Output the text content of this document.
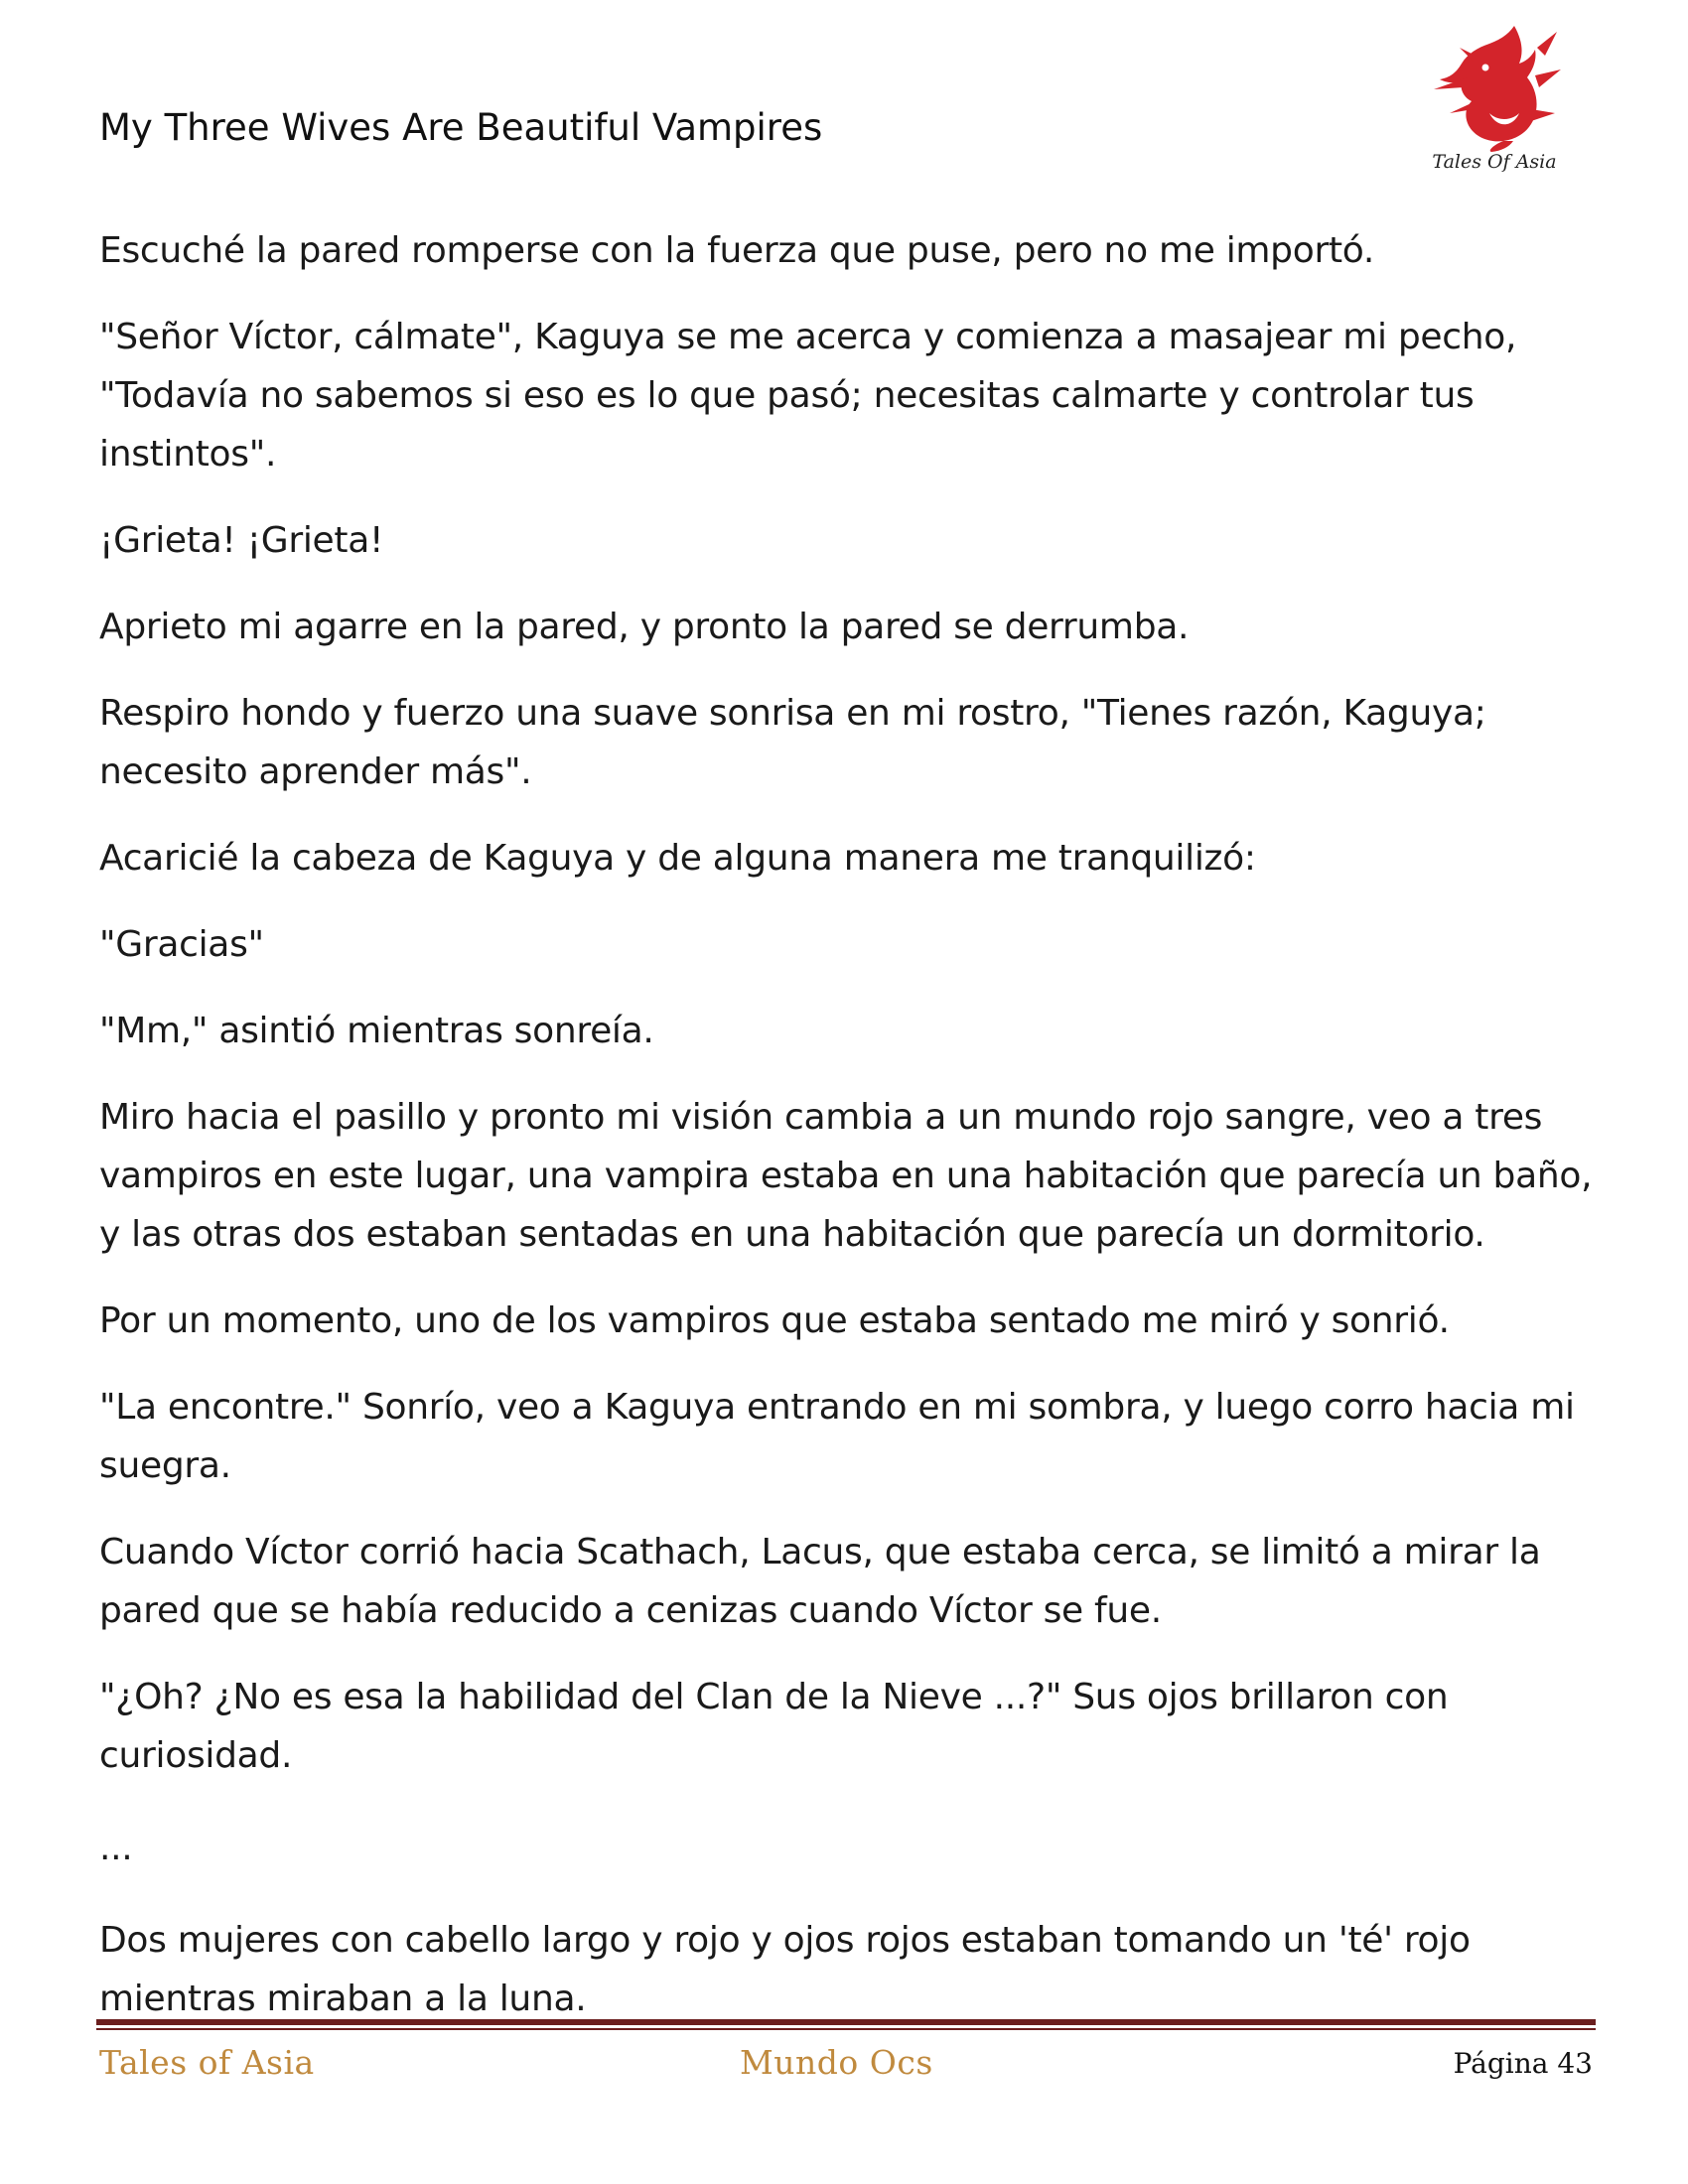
My Three Wives Are Beautiful Vampires
Tales Of Asia

Escuché la pared romperse con la fuerza que puse, pero no me importó.

"Señor Víctor, cálmate", Kaguya se me acerca y comienza a masajear mi pecho, "Todavía no sabemos si eso es lo que pasó; necesitas calmarte y controlar tus instintos".

¡Grieta! ¡Grieta!

Aprieto mi agarre en la pared, y pronto la pared se derrumba.

Respiro hondo y fuerzo una suave sonrisa en mi rostro, "Tienes razón, Kaguya; necesito aprender más".

Acaricié la cabeza de Kaguya y de alguna manera me tranquilizó:

"Gracias"

"Mm," asintió mientras sonreía.

Miro hacia el pasillo y pronto mi visión cambia a un mundo rojo sangre, veo a tres vampiros en este lugar, una vampira estaba en una habitación que parecía un baño, y las otras dos estaban sentadas en una habitación que parecía un dormitorio.

Por un momento, uno de los vampiros que estaba sentado me miró y sonrió.

"La encontre." Sonrío, veo a Kaguya entrando en mi sombra, y luego corro hacia mi suegra.

Cuando Víctor corrió hacia Scathach, Lacus, que estaba cerca, se limitó a mirar la pared que se había reducido a cenizas cuando Víctor se fue.

"¿Oh? ¿No es esa la habilidad del Clan de la Nieve ...?" Sus ojos brillaron con curiosidad.

...

Dos mujeres con cabello largo y rojo y ojos rojos estaban tomando un 'té' rojo mientras miraban a la luna.

Tales of Asia	Mundo Ocs	Página 43
